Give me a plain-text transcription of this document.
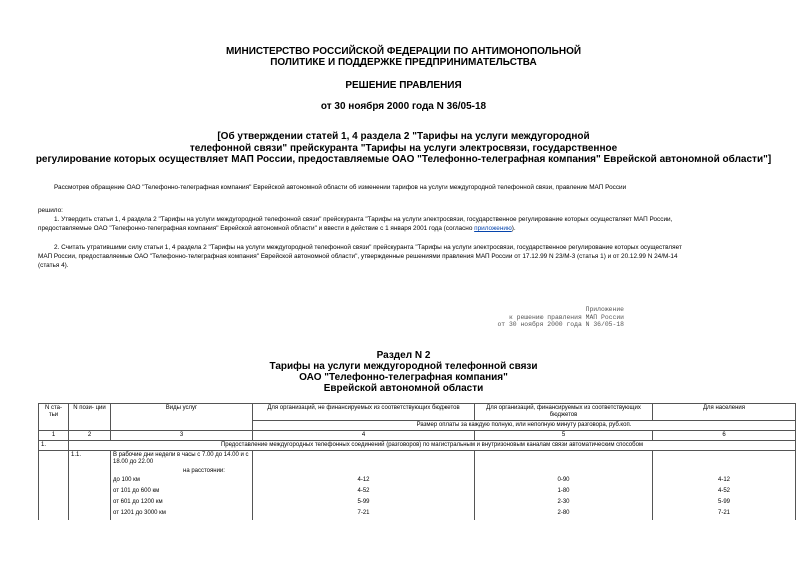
МИНИСТЕРСТВО РОССИЙСКОЙ ФЕДЕРАЦИИ ПО АНТИМОНОПОЛЬНОЙ
ПОЛИТИКЕ И ПОДДЕРЖКЕ ПРЕДПРИНИМАТЕЛЬСТВА
РЕШЕНИЕ ПРАВЛЕНИЯ
от 30 ноября 2000 года N 36/05-18
[Об утверждении статей 1, 4 раздела 2 "Тарифы на услуги междугородной
телефонной связи" прейскуранта "Тарифы на услуги электросвязи, государственное
регулирование которых осуществляет МАП России, предоставляемые ОАО "Телефонно-телеграфная компания" Еврейской автономной области"]
Рассмотрев обращение ОАО "Телефонно-телеграфная компания" Еврейской автономной области об изменении тарифов на услуги междугородной телефонной связи, правление МАП России
решило:
1. Утвердить статьи 1, 4 раздела 2 "Тарифы на услуги междугородной телефонной связи" прейскуранта "Тарифы на услуги электросвязи, государственное регулирование которых осуществляет МАП России,
предоставляемые ОАО "Телефонно-телеграфная компания" Еврейской автономной области" и ввести в действие с 1 января 2001 года (согласно приложению).
2. Считать утратившими силу статьи 1, 4 раздела 2 "Тарифы на услуги междугородной телефонной связи" прейскуранта "Тарифы на услуги электросвязи, государственное регулирование которых осуществляет
МАП России, предоставляемые ОАО "Телефонно-телеграфная компания" Еврейской автономной области", утвержденные решениями правления МАП России от 17.12.99 N 23/М-3 (статья 1) и от 20.12.99 N 24/М-14
(статья 4).
Приложение
к решению правления МАП России
от 30 ноября 2000 года N 36/05-18
Раздел N 2
Тарифы на услуги междугородной телефонной связи
ОАО "Телефонно-телеграфная компания"
Еврейской автономной области
N ста- тьи	N пози- ции	Виды услуг	Для организаций, не финансируемых из соответствующих бюджетов	Для организаций, финансируемых из соответствующих бюджетов	Для населения
			Размер оплаты за каждую полную, или неполную минуту разговора, руб.коп.		
1	2	3	4	5	6
1.	Предоставление междугородных телефонных соединений (разговоров) по магистральным и внутризоновым каналам связи автоматическим способом				
	1.1.	В рабочие дни недели в часы с 7.00 до 14.00 и с 18.00 до 22.00
на расстоянии:			

		до 100 км	4-12	0-90	4-12
		от 101 до 600 км	4-52	1-80	4-52
		от 601 до 1200 км	5-99	2-30	5-99
		от 1201 до 3000 км	7-21	2-80	7-21
